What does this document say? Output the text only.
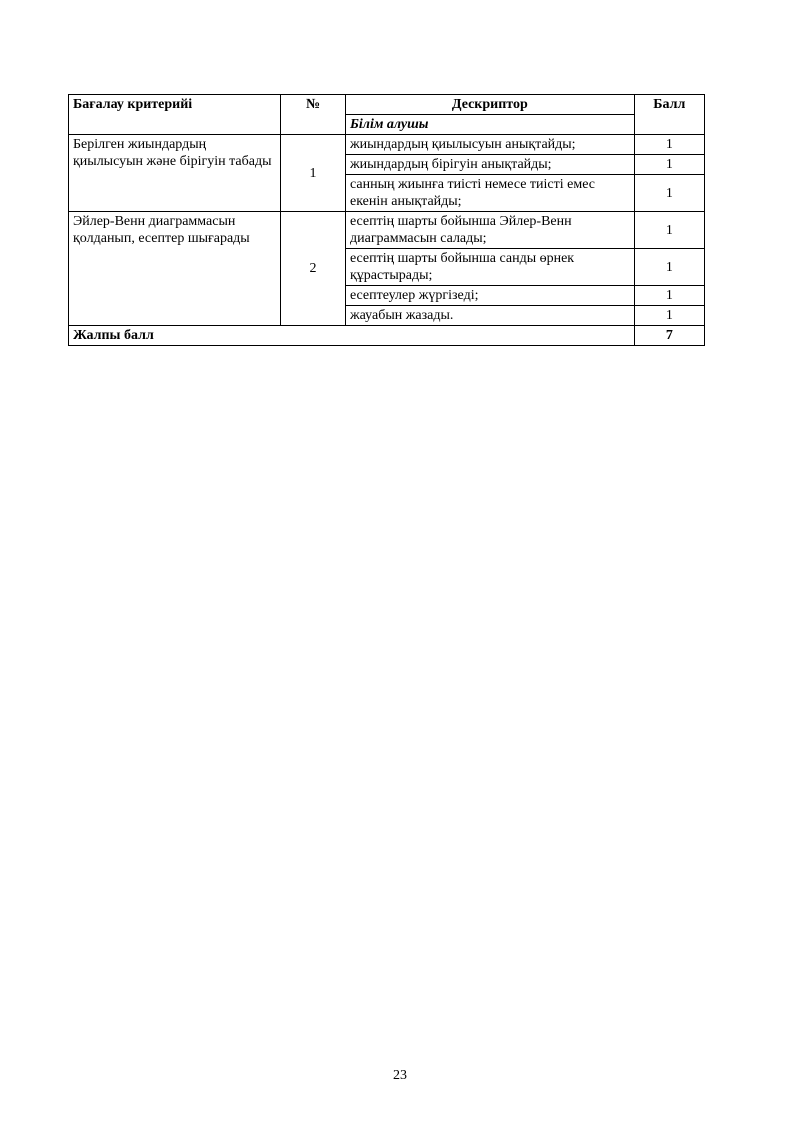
Бағалау критерийі	№	Дескриптор	Балл
		Білім алушы	
Берілген жиындардың қиылысуын және бірігуін табады	1	жиындардың қиылысуын анықтайды;	1
		жиындардың бірігуін анықтайды;	1
		санның жиынға тиісті немесе тиісті емес екенін анықтайды;	1
Эйлер-Венн диаграммасын қолданып, есептер шығарады	2	есептің шарты бойынша Эйлер-Венн диаграммасын салады;	1
		есептің шарты бойынша санды өрнек құрастырады;	1
		есептеулер жүргізеді;	1
		жауабын жазады.	1
Жалпы балл			7
23
